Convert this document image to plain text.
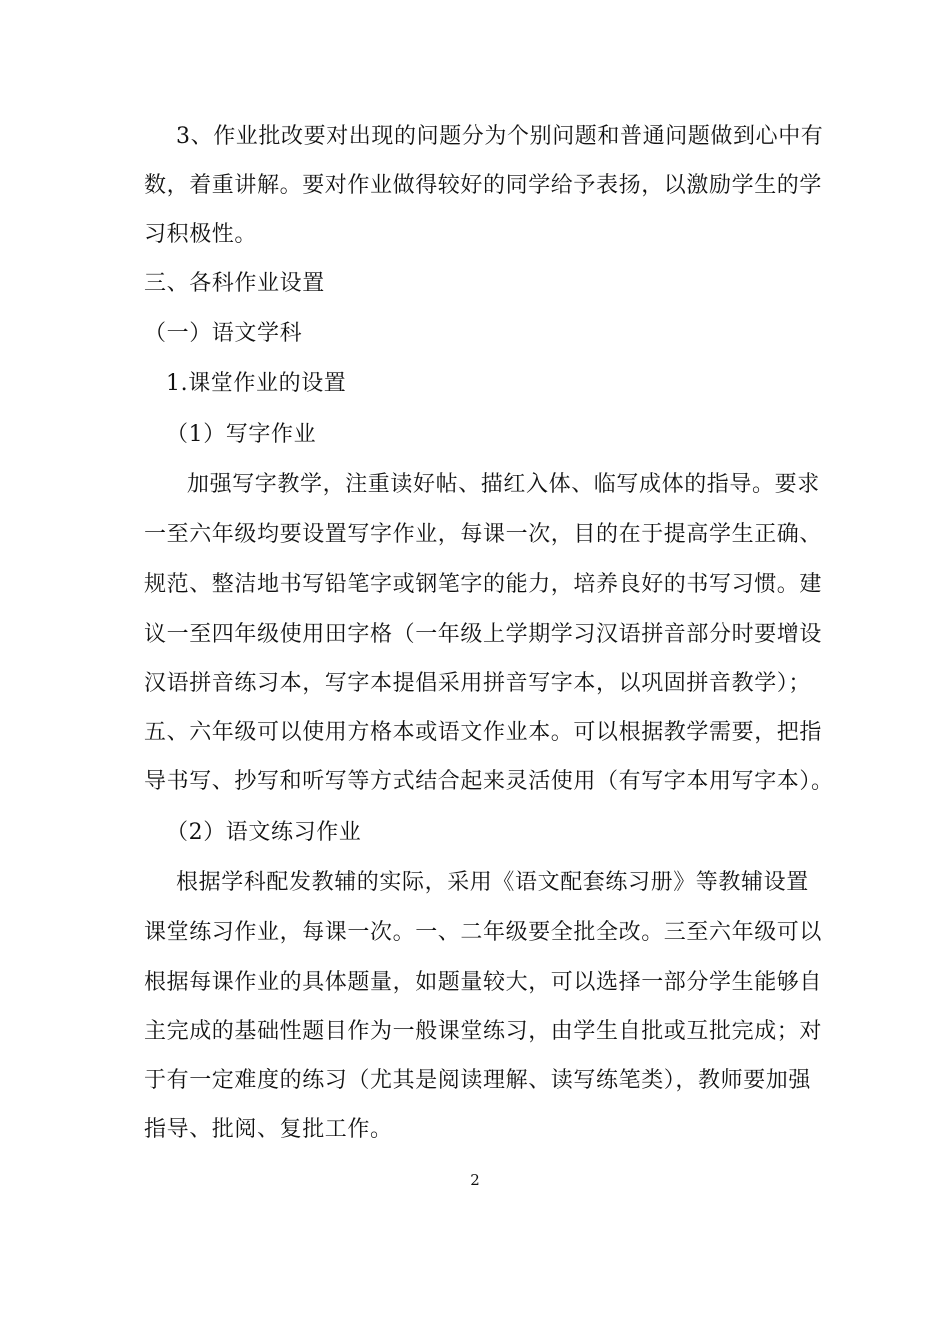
3、作业批改要对出现的问题分为个别问题和普通问题做到心中有
数，着重讲解。要对作业做得较好的同学给予表扬，以激励学生的学
习积极性。
三、各科作业设置
（一）语文学科
1.课堂作业的设置
（1）写字作业
加强写字教学，注重读好帖、描红入体、临写成体的指导。要求
一至六年级均要设置写字作业，每课一次，目的在于提高学生正确、
规范、整洁地书写铅笔字或钢笔字的能力，培养良好的书写习惯。建
议一至四年级使用田字格（一年级上学期学习汉语拼音部分时要增设
汉语拼音练习本，写字本提倡采用拼音写字本，以巩固拼音教学）；
五、六年级可以使用方格本或语文作业本。可以根据教学需要，把指
导书写、抄写和听写等方式结合起来灵活使用（有写字本用写字本）。
（2）语文练习作业
根据学科配发教辅的实际，采用《语文配套练习册》等教辅设置
课堂练习作业，每课一次。一、二年级要全批全改。三至六年级可以
根据每课作业的具体题量，如题量较大，可以选择一部分学生能够自
主完成的基础性题目作为一般课堂练习，由学生自批或互批完成；对
于有一定难度的练习（尤其是阅读理解、读写练笔类），教师要加强
指导、批阅、复批工作。
2
